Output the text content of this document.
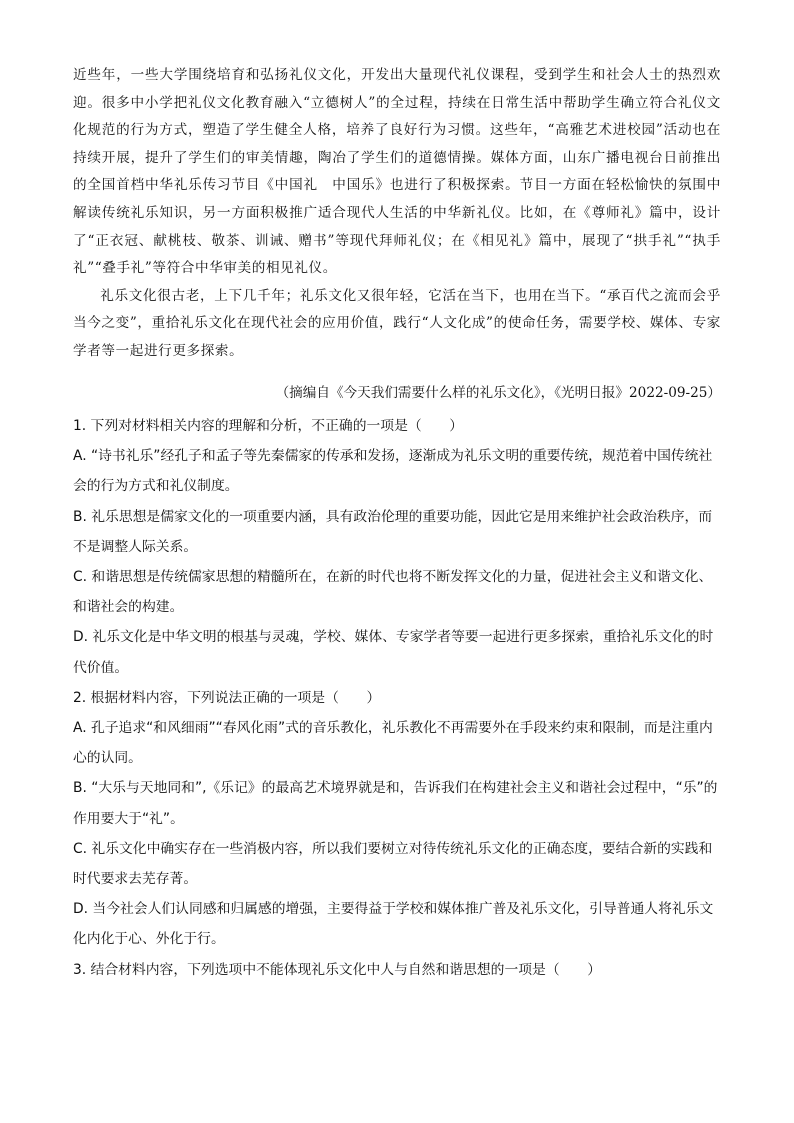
近些年，一些大学围绕培育和弘扬礼仪文化，开发出大量现代礼仪课程，受到学生和社会人士的热烈欢迎。很多中小学把礼仪文化教育融入“立德树人”的全过程，持续在日常生活中帮助学生确立符合礼仪文化规范的行为方式，塑造了学生健全人格，培养了良好行为习惯。这些年，“高雅艺术进校园”活动也在持续开展，提升了学生们的审美情趣，陶冶了学生们的道德情操。媒体方面，山东广播电视台日前推出的全国首档中华礼乐传习节目《中国礼　中国乐》也进行了积极探索。节目一方面在轻松愉快的氛围中解读传统礼乐知识，另一方面积极推广适合现代人生活的中华新礼仪。比如，在《尊师礼》篇中，设计了“正衣冠、献桃枝、敬茶、训诫、赠书”等现代拜师礼仪；在《相见礼》篇中，展现了“拱手礼”“执手礼”“叠手礼”等符合中华审美的相见礼仪。

礼乐文化很古老，上下几千年；礼乐文化又很年轻，它活在当下，也用在当下。“承百代之流而会乎当今之变”，重拾礼乐文化在现代社会的应用价值，践行“人文化成”的使命任务，需要学校、媒体、专家学者等一起进行更多探索。

（摘编自《今天我们需要什么样的礼乐文化》，《光明日报》2022-09-25）

1. 下列对材料相关内容的理解和分析，不正确的一项是（　　）

A. “诗书礼乐”经孔子和孟子等先秦儒家的传承和发扬，逐渐成为礼乐文明的重要传统，规范着中国传统社会的行为方式和礼仪制度。

B. 礼乐思想是儒家文化的一项重要内涵，具有政治伦理的重要功能，因此它是用来维护社会政治秩序，而不是调整人际关系。

C. 和谐思想是传统儒家思想的精髓所在，在新的时代也将不断发挥文化的力量，促进社会主义和谐文化、和谐社会的构建。

D. 礼乐文化是中华文明的根基与灵魂，学校、媒体、专家学者等要一起进行更多探索，重拾礼乐文化的时代价值。

2. 根据材料内容，下列说法正确的一项是（　　）

A. 孔子追求“和风细雨”“春风化雨”式的音乐教化，礼乐教化不再需要外在手段来约束和限制，而是注重内心的认同。

B. “大乐与天地同和”,《乐记》的最高艺术境界就是和，告诉我们在构建社会主义和谐社会过程中，“乐”的作用要大于“礼”。

C. 礼乐文化中确实存在一些消极内容，所以我们要树立对待传统礼乐文化的正确态度，要结合新的实践和时代要求去芜存菁。

D. 当今社会人们认同感和归属感的增强，主要得益于学校和媒体推广普及礼乐文化，引导普通人将礼乐文化内化于心、外化于行。

3. 结合材料内容，下列选项中不能体现礼乐文化中人与自然和谐思想的一项是（　　）
